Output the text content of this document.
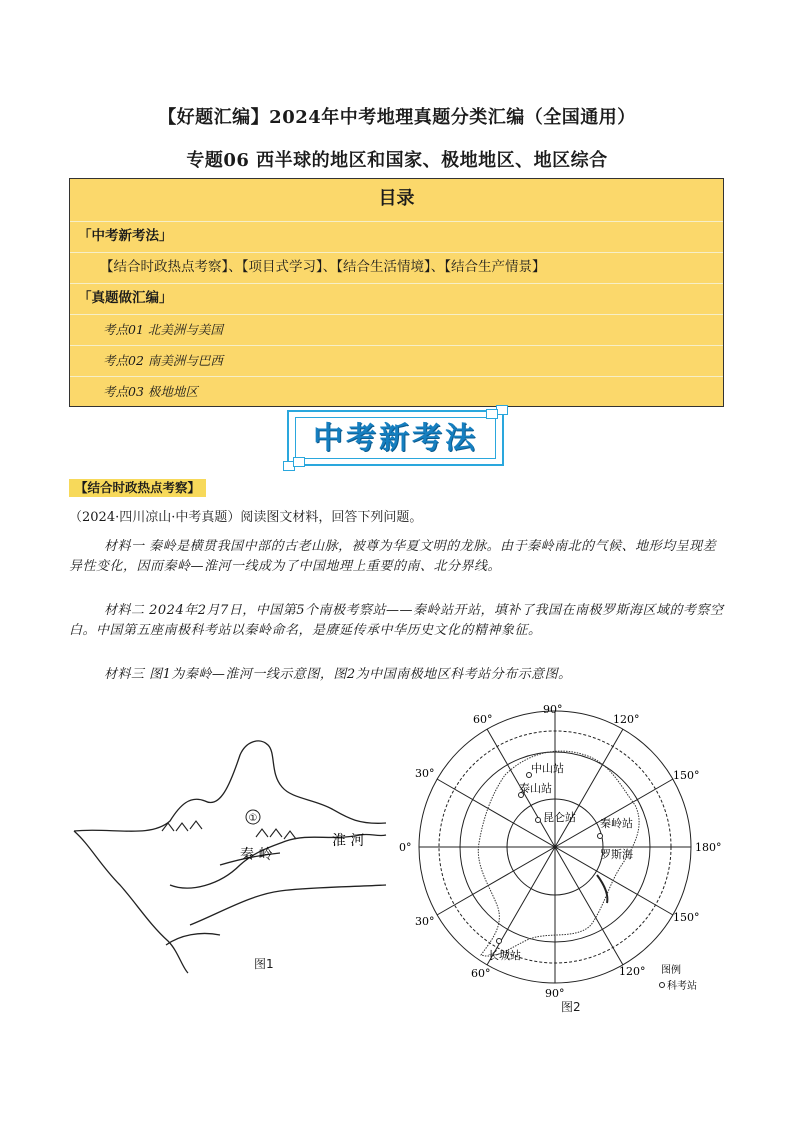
【好题汇编】2024年中考地理真题分类汇编（全国通用）
专题06 西半球的地区和国家、极地地区、地区综合
目录
「中考新考法」
【结合时政热点考察】、【项目式学习】、【结合生活情境】、【结合生产情景】
「真题做汇编」
考点01 北美洲与美国
考点02 南美洲与巴西
考点03 极地地区
中考新考法
【结合时政热点考察】
（2024·四川凉山·中考真题）阅读图文材料，回答下列问题。
材料一 秦岭是横贯我国中部的古老山脉，被尊为华夏文明的龙脉。由于秦岭南北的气候、地形均呈现差异性变化，因而秦岭—淮河一线成为了中国地理上重要的南、北分界线。
材料二 2024年2月7日，中国第5个南极考察站——秦岭站开站，填补了我国在南极罗斯海区域的考察空白。中国第五座南极科考站以秦岭命名，是赓延传承中华历史文化的精神象征。
材料三 图1为秦岭—淮河一线示意图，图2为中国南极地区科考站分布示意图。
①
秦 岭
淮 河
图1
中山站
泰山站
昆仑站 秦岭站
长城站
罗斯海
90°
120°
150°
180°
150°
120°
90°
60°
30°
0°
30°
60°
图例
科考站
图2
